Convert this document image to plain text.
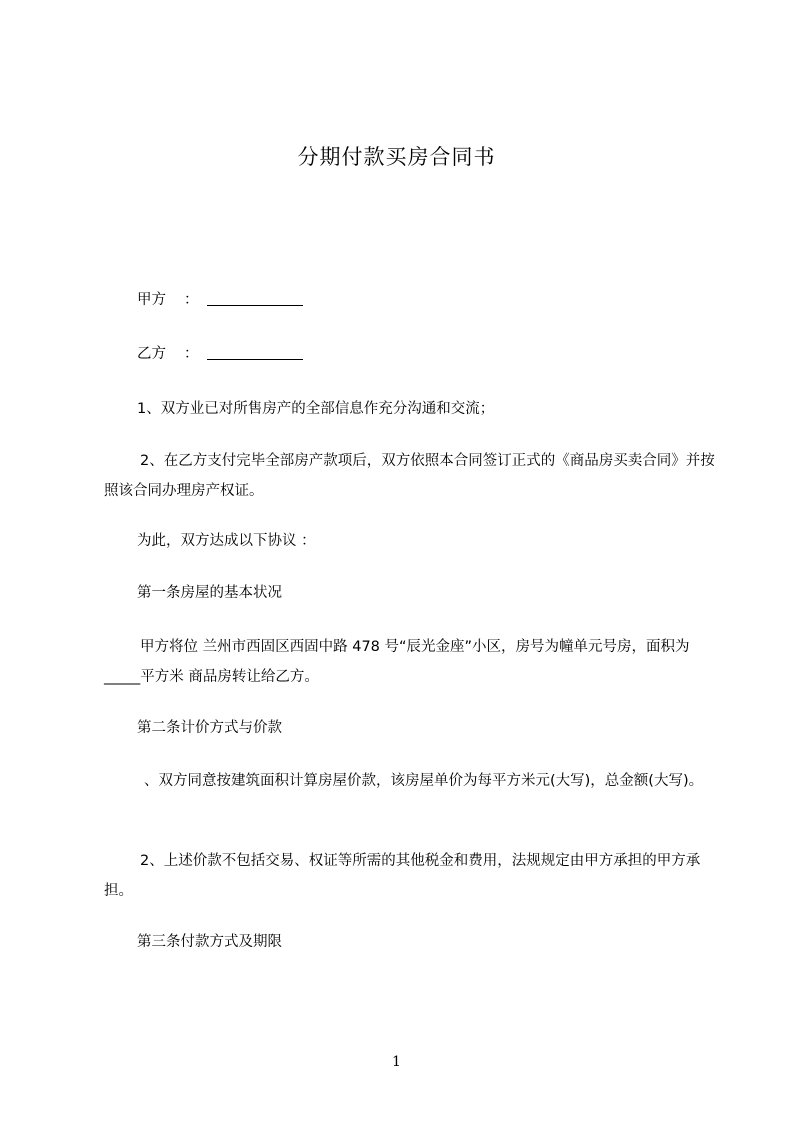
分期付款买房合同书
甲方 ：
乙方 ：
1、双方业已对所售房产的全部信息作充分沟通和交流；
2、在乙方支付完毕全部房产款项后，双方依照本合同签订正式的《商品房买卖合同》并按照该合同办理房产权证。
为此，双方达成以下协议 ：
第一条房屋的基本状况
甲方将位 兰州市西固区西固中路 478 号“辰光金座”小区，房号为幢单元号房，面积为_____平方米 商品房转让给乙方。
第二条计价方式与价款
、双方同意按建筑面积计算房屋价款，该房屋单价为每平方米元(大写)，总金额(大写)。
2、上述价款不包括交易、权证等所需的其他税金和费用，法规规定由甲方承担的甲方承担。
第三条付款方式及期限
1
